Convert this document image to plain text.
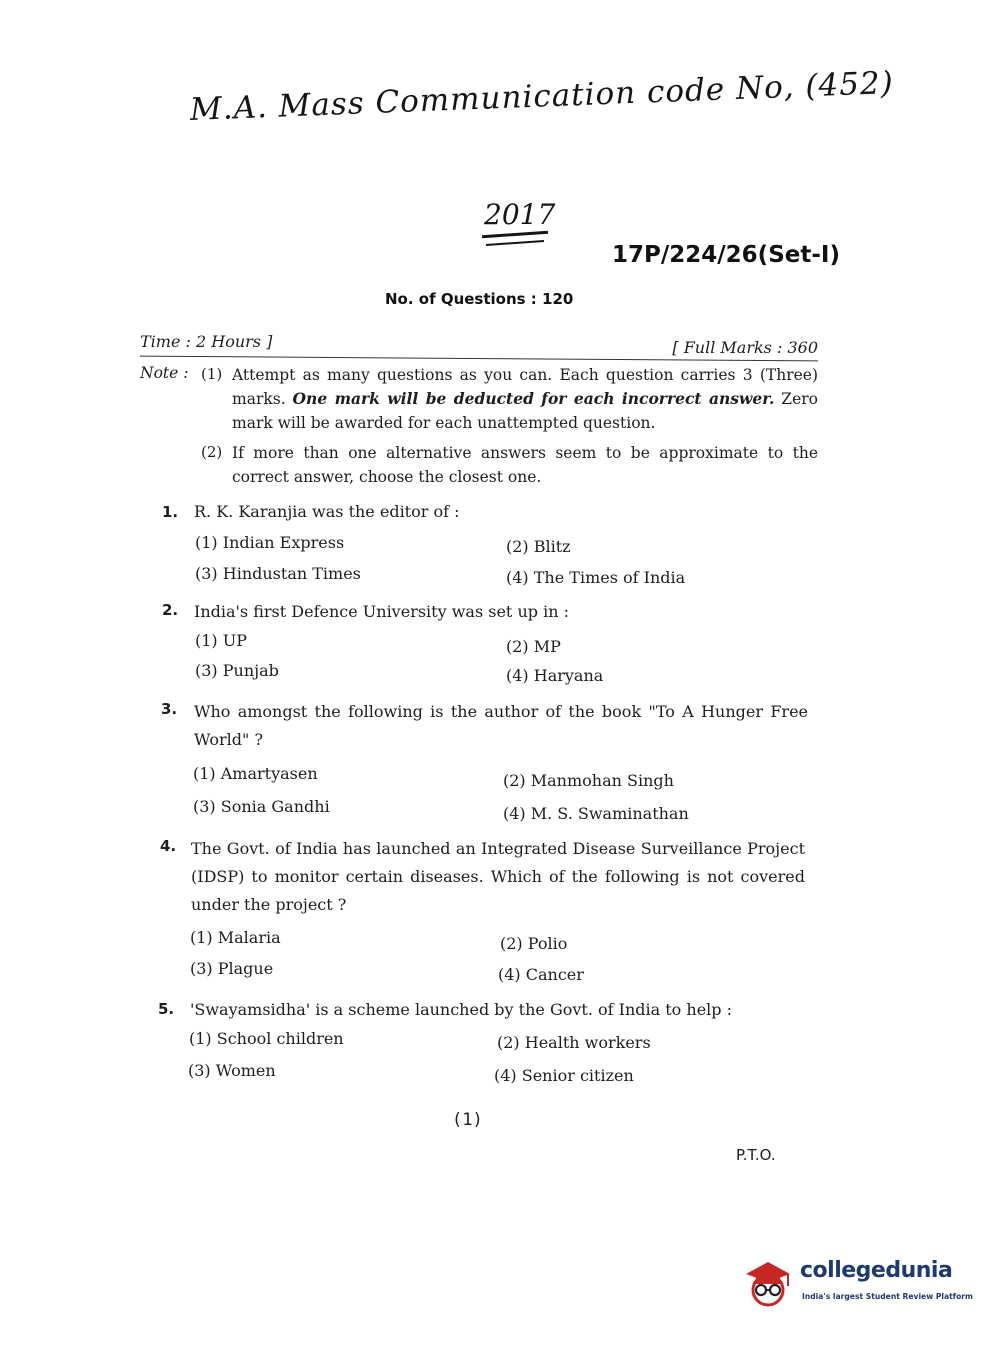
M.A. Mass Communication code No, (452)
2017
17P/224/26(Set-I)
No. of Questions : 120
Time : 2 Hours ]	[ Full Marks : 360
Note : (1) Attempt as many questions as you can. Each question carries 3 (Three) marks. One mark will be deducted for each incorrect answer. Zero mark will be awarded for each unattempted question.
(2) If more than one alternative answers seem to be approximate to the correct answer, choose the closest one.
1. R. K. Karanjia was the editor of :
(1) Indian Express	(2) Blitz
(3) Hindustan Times	(4) The Times of India
2. India's first Defence University was set up in :
(1) UP	(2) MP
(3) Punjab	(4) Haryana
3. Who amongst the following is the author of the book "To A Hunger Free World" ?
(1) Amartyasen	(2) Manmohan Singh
(3) Sonia Gandhi	(4) M. S. Swaminathan
4. The Govt. of India has launched an Integrated Disease Surveillance Project (IDSP) to monitor certain diseases. Which of the following is not covered under the project ?
(1) Malaria	(2) Polio
(3) Plague	(4) Cancer
5. 'Swayamsidha' is a scheme launched by the Govt. of India to help :
(1) School children	(2) Health workers
(3) Women	(4) Senior citizen
(1)
P.T.O.
collegedunia
India's largest Student Review Platform
